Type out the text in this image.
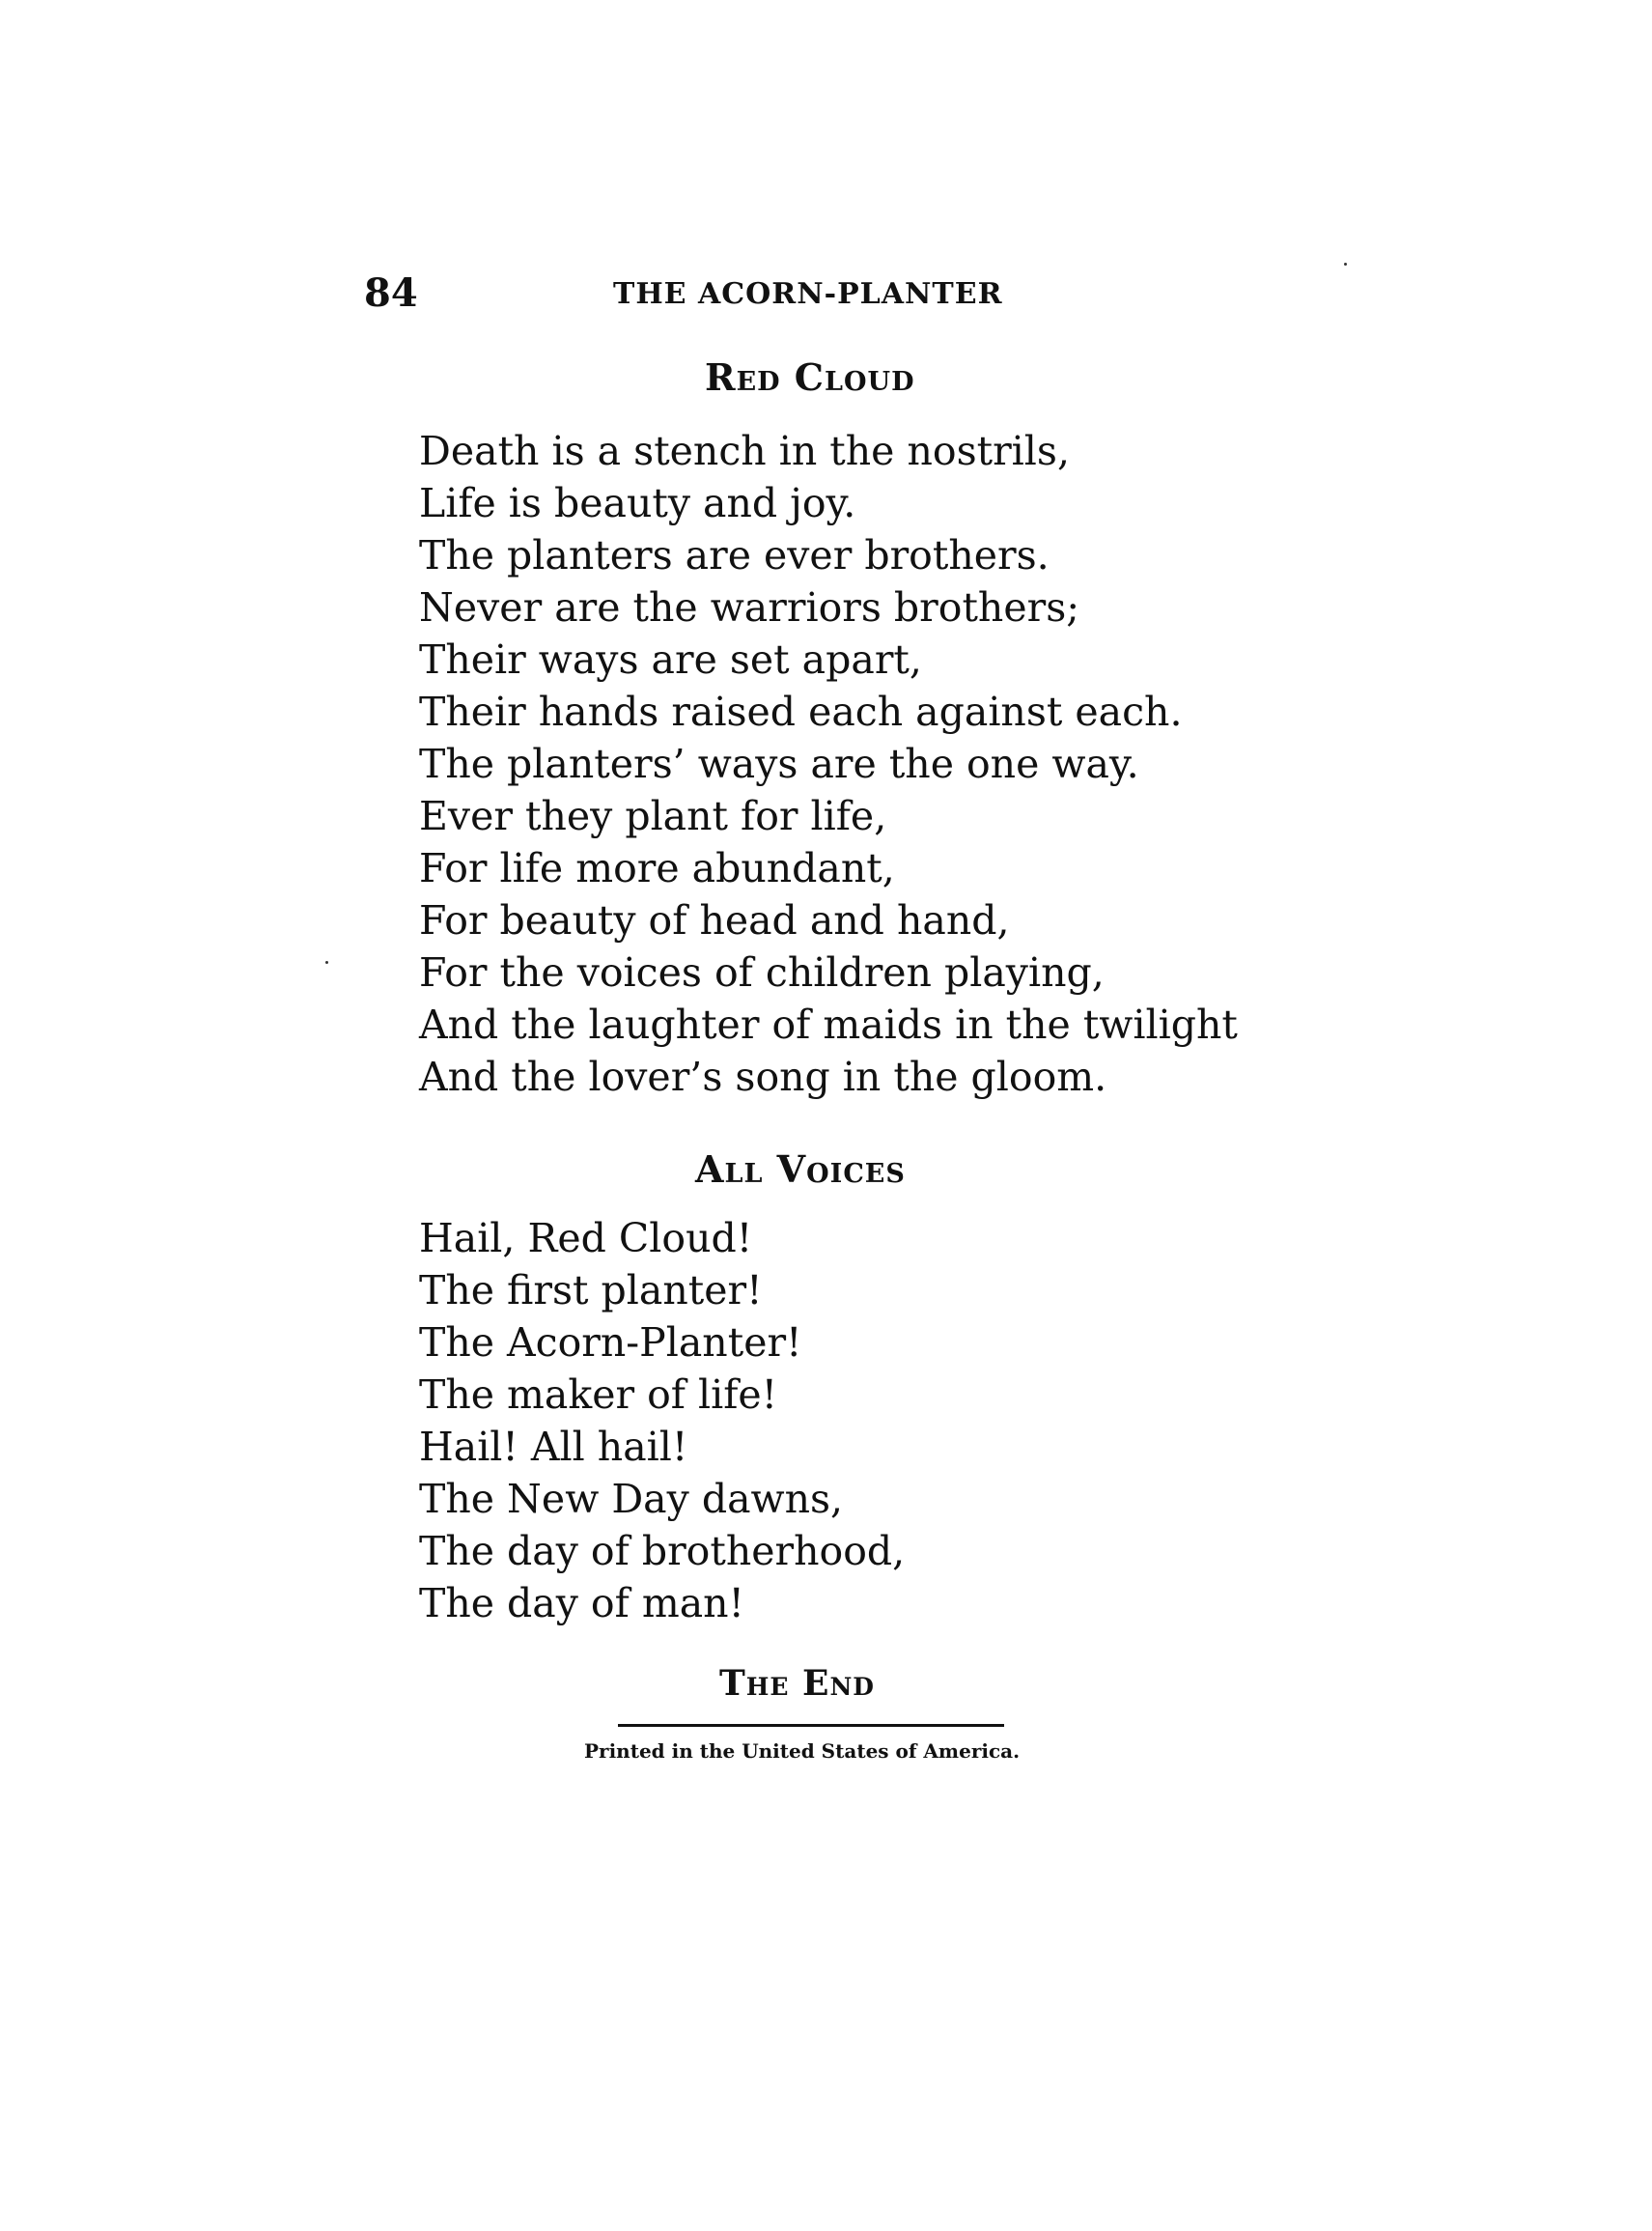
84	THE ACORN-PLANTER
Red Cloud
Death is a stench in the nostrils,
Life is beauty and joy.
The planters are ever brothers.
Never are the warriors brothers;
Their ways are set apart,
Their hands raised each against each.
The planters’ ways are the one way.
Ever they plant for life,
For life more abundant,
For beauty of head and hand,
For the voices of children playing,
And the laughter of maids in the twilight
And the lover’s song in the gloom.
All Voices
Hail, Red Cloud!
The first planter!
The Acorn-Planter!
The maker of life!
Hail! All hail!
The New Day dawns,
The day of brotherhood,
The day of man!
The End
Printed in the United States of America.
